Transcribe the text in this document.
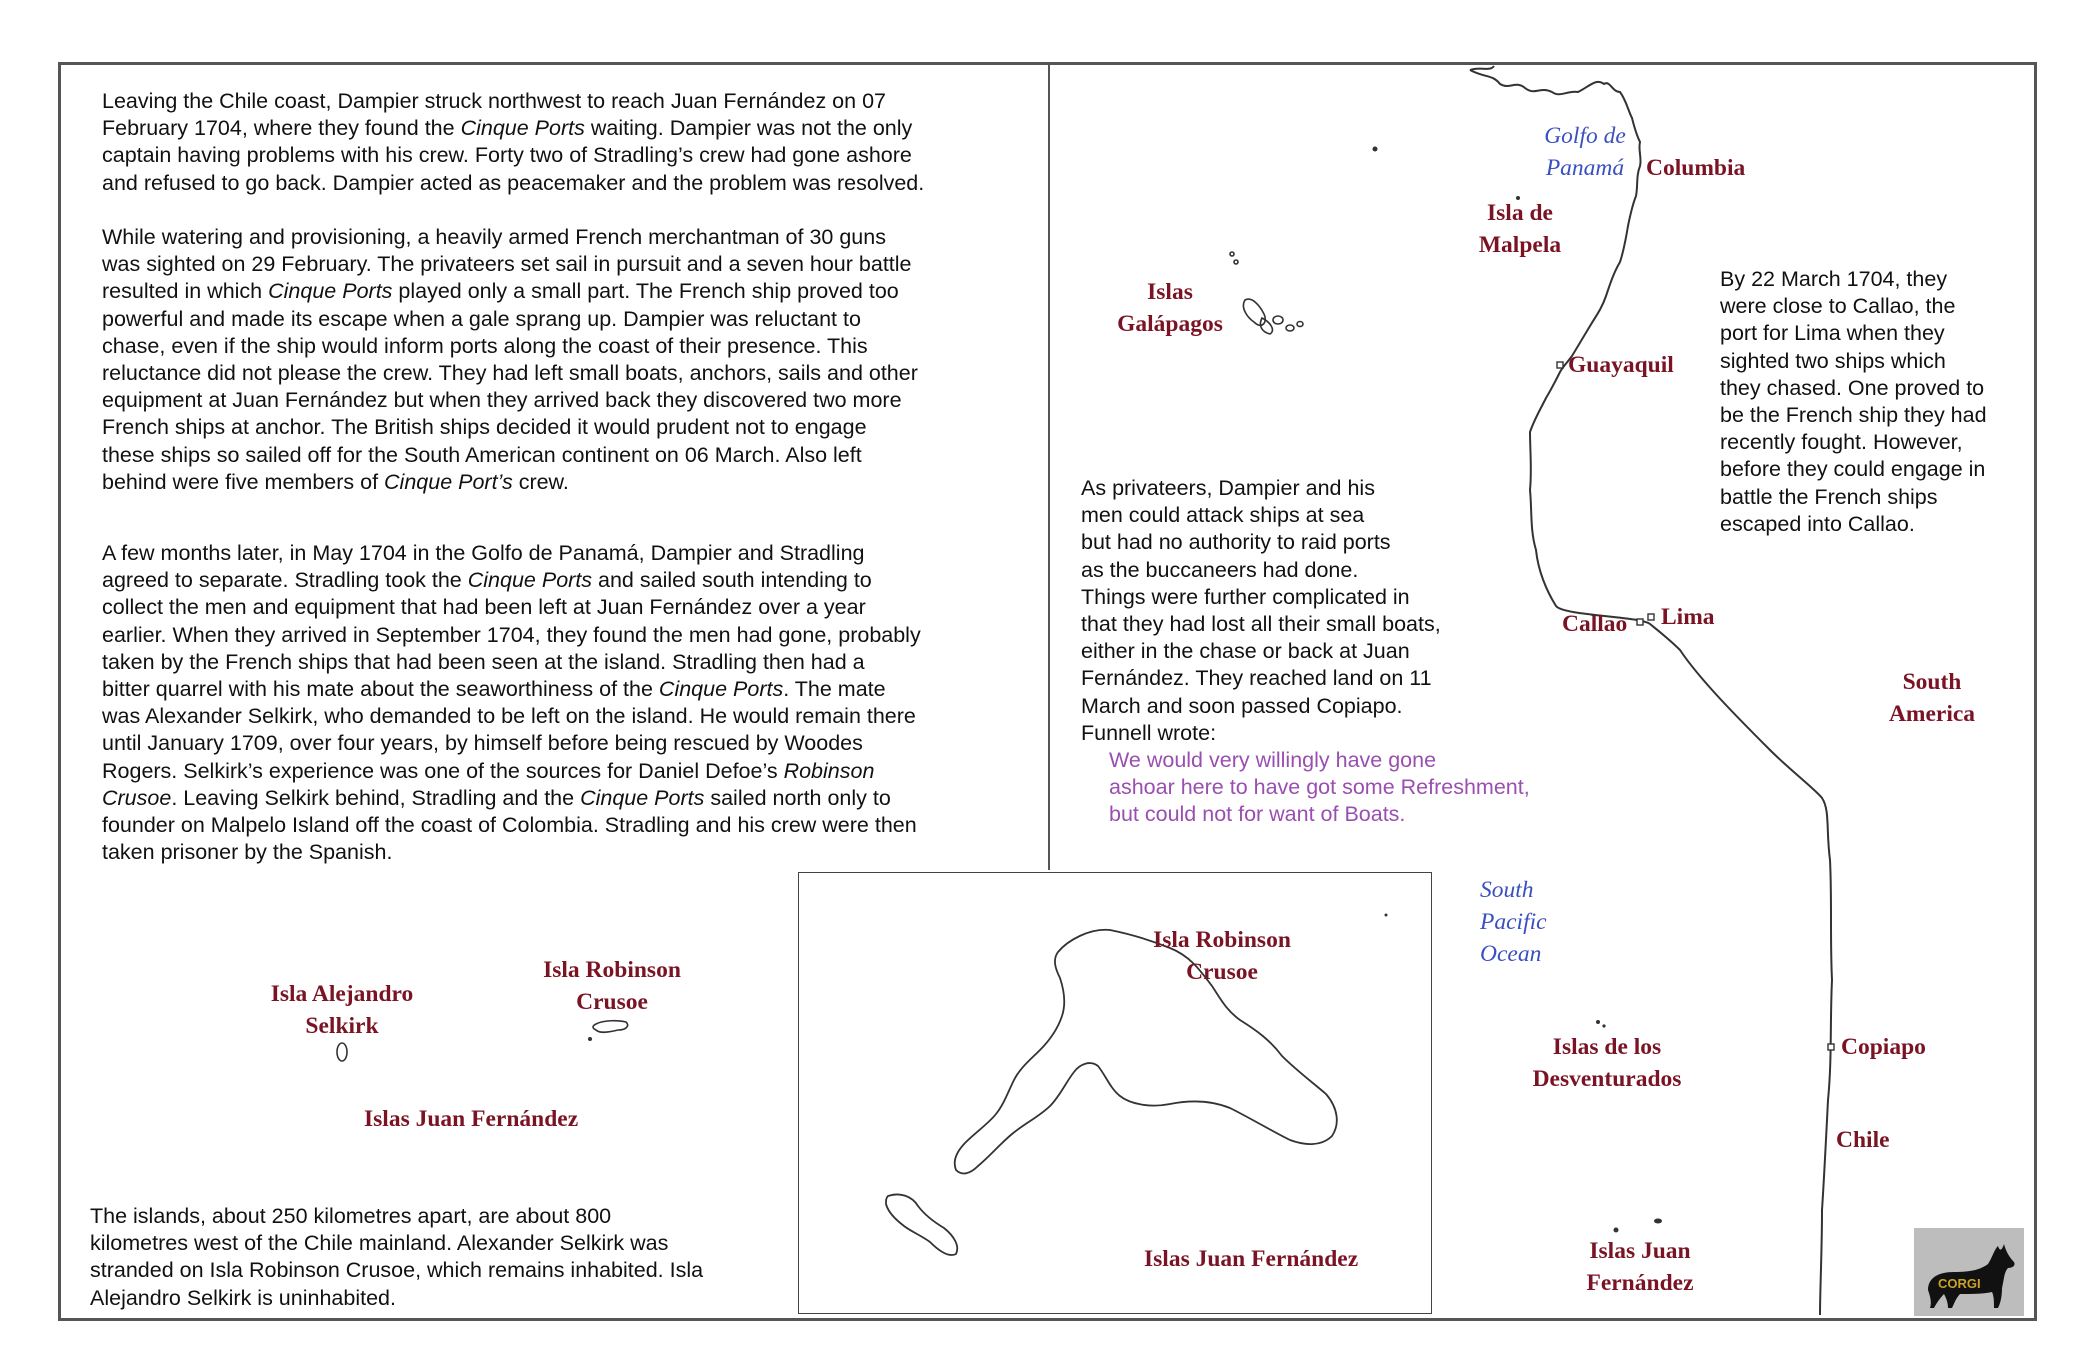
Leaving the Chile coast, Dampier struck northwest to reach Juan Fernández on 07
February 1704, where they found the Cinque Ports waiting. Dampier was not the only
captain having problems with his crew. Forty two of Stradling’s crew had gone ashore
and refused to go back. Dampier acted as peacemaker and the problem was resolved.

While watering and provisioning, a heavily armed French merchantman of 30 guns
was sighted on 29 February. The privateers set sail in pursuit and a seven hour battle
resulted in which Cinque Ports played only a small part. The French ship proved too
powerful and made its escape when a gale sprang up. Dampier was reluctant to
chase, even if the ship would inform ports along the coast of their presence. This
reluctance did not please the crew. They had left small boats, anchors, sails and other
equipment at Juan Fernández but when they arrived back they discovered two more
French ships at anchor. The British ships decided it would prudent not to engage
these ships so sailed off for the South American continent on 06 March. Also left
behind were five members of Cinque Port’s crew.

A few months later, in May 1704 in the Golfo de Panamá, Dampier and Stradling
agreed to separate. Stradling took the Cinque Ports and sailed south intending to
collect the men and equipment that had been left at Juan Fernández over a year
earlier. When they arrived in September 1704, they found the men had gone, probably
taken by the French ships that had been seen at the island. Stradling then had a
bitter quarrel with his mate about the seaworthiness of the Cinque Ports. The mate
was Alexander Selkirk, who demanded to be left on the island. He would remain there
until January 1709, over four years, by himself before being rescued by Woodes
Rogers. Selkirk’s experience was one of the sources for Daniel Defoe’s Robinson
Crusoe. Leaving Selkirk behind, Stradling and the Cinque Ports sailed north only to
founder on Malpelo Island off the coast of Colombia. Stradling and his crew were then
taken prisoner by the Spanish.

The islands, about 250 kilometres apart, are about 800
kilometres west of the Chile mainland. Alexander Selkirk was
stranded on Isla Robinson Crusoe, which remains inhabited. Isla
Alejandro Selkirk is uninhabited.

As privateers, Dampier and his
men could attack ships at sea
but had no authority to raid ports
as the buccaneers had done.
Things were further complicated in
that they had lost all their small boats,
either in the chase or back at Juan
Fernández. They reached land on 11
March and soon passed Copiapo.
Funnell wrote:

We would very willingly have gone
ashoar here to have got some Refreshment,
but could not for want of Boats.

By 22 March 1704, they
were close to Callao, the
port for Lima when they
sighted two ships which
they chased. One proved to
be the French ship they had
recently fought. However,
before they could engage in
battle the French ships
escaped into Callao.

Golfo de
Panamá Columbia
Isla de
Malpela
Islas
Galápagos
Guayaquil
Callao Lima
South
America
South
Pacific
Ocean
Islas de los
Desventurados
Copiapo
Chile
Islas Juan
Fernández
Isla Alejandro
Selkirk
Isla Robinson
Crusoe
Islas Juan Fernández
Isla Robinson
Crusoe
Islas Juan Fernández
CORGI
